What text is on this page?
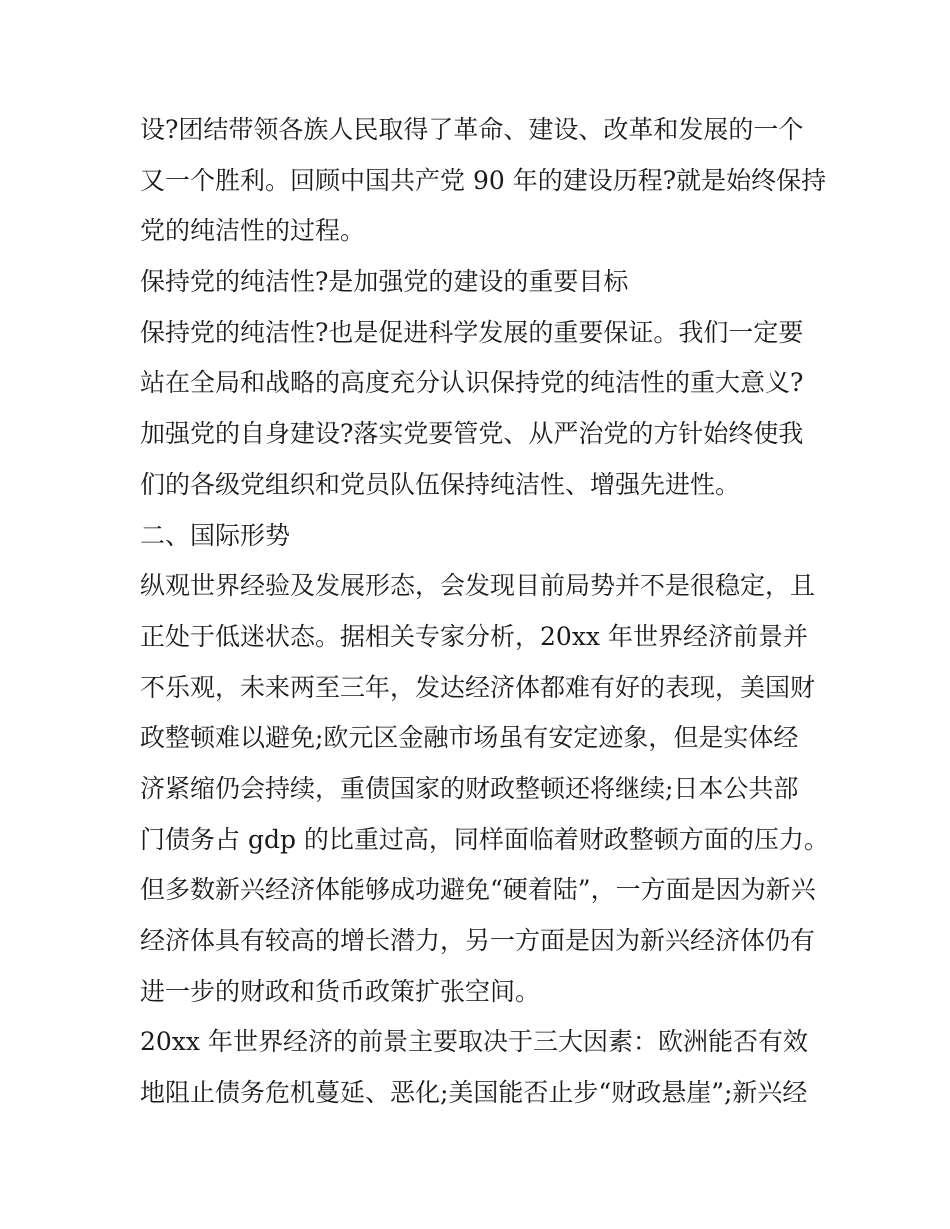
设?团结带领各族人民取得了革命、建设、改革和发展的一个
又一个胜利。回顾中国共产党 90 年的建设历程?就是始终保持
党的纯洁性的过程。
保持党的纯洁性?是加强党的建设的重要目标
保持党的纯洁性?也是促进科学发展的重要保证。我们一定要
站在全局和战略的高度充分认识保持党的纯洁性的重大意义?
加强党的自身建设?落实党要管党、从严治党的方针始终使我
们的各级党组织和党员队伍保持纯洁性、增强先进性。
二、国际形势
纵观世界经验及发展形态，会发现目前局势并不是很稳定，且
正处于低迷状态。据相关专家分析，20xx 年世界经济前景并
不乐观，未来两至三年，发达经济体都难有好的表现，美国财
政整顿难以避免;欧元区金融市场虽有安定迹象，但是实体经
济紧缩仍会持续，重债国家的财政整顿还将继续;日本公共部
门债务占 gdp 的比重过高，同样面临着财政整顿方面的压力。
但多数新兴经济体能够成功避免“硬着陆”，一方面是因为新兴
经济体具有较高的增长潜力，另一方面是因为新兴经济体仍有
进一步的财政和货币政策扩张空间。
20xx 年世界经济的前景主要取决于三大因素：欧洲能否有效
地阻止债务危机蔓延、恶化;美国能否止步“财政悬崖”;新兴经
